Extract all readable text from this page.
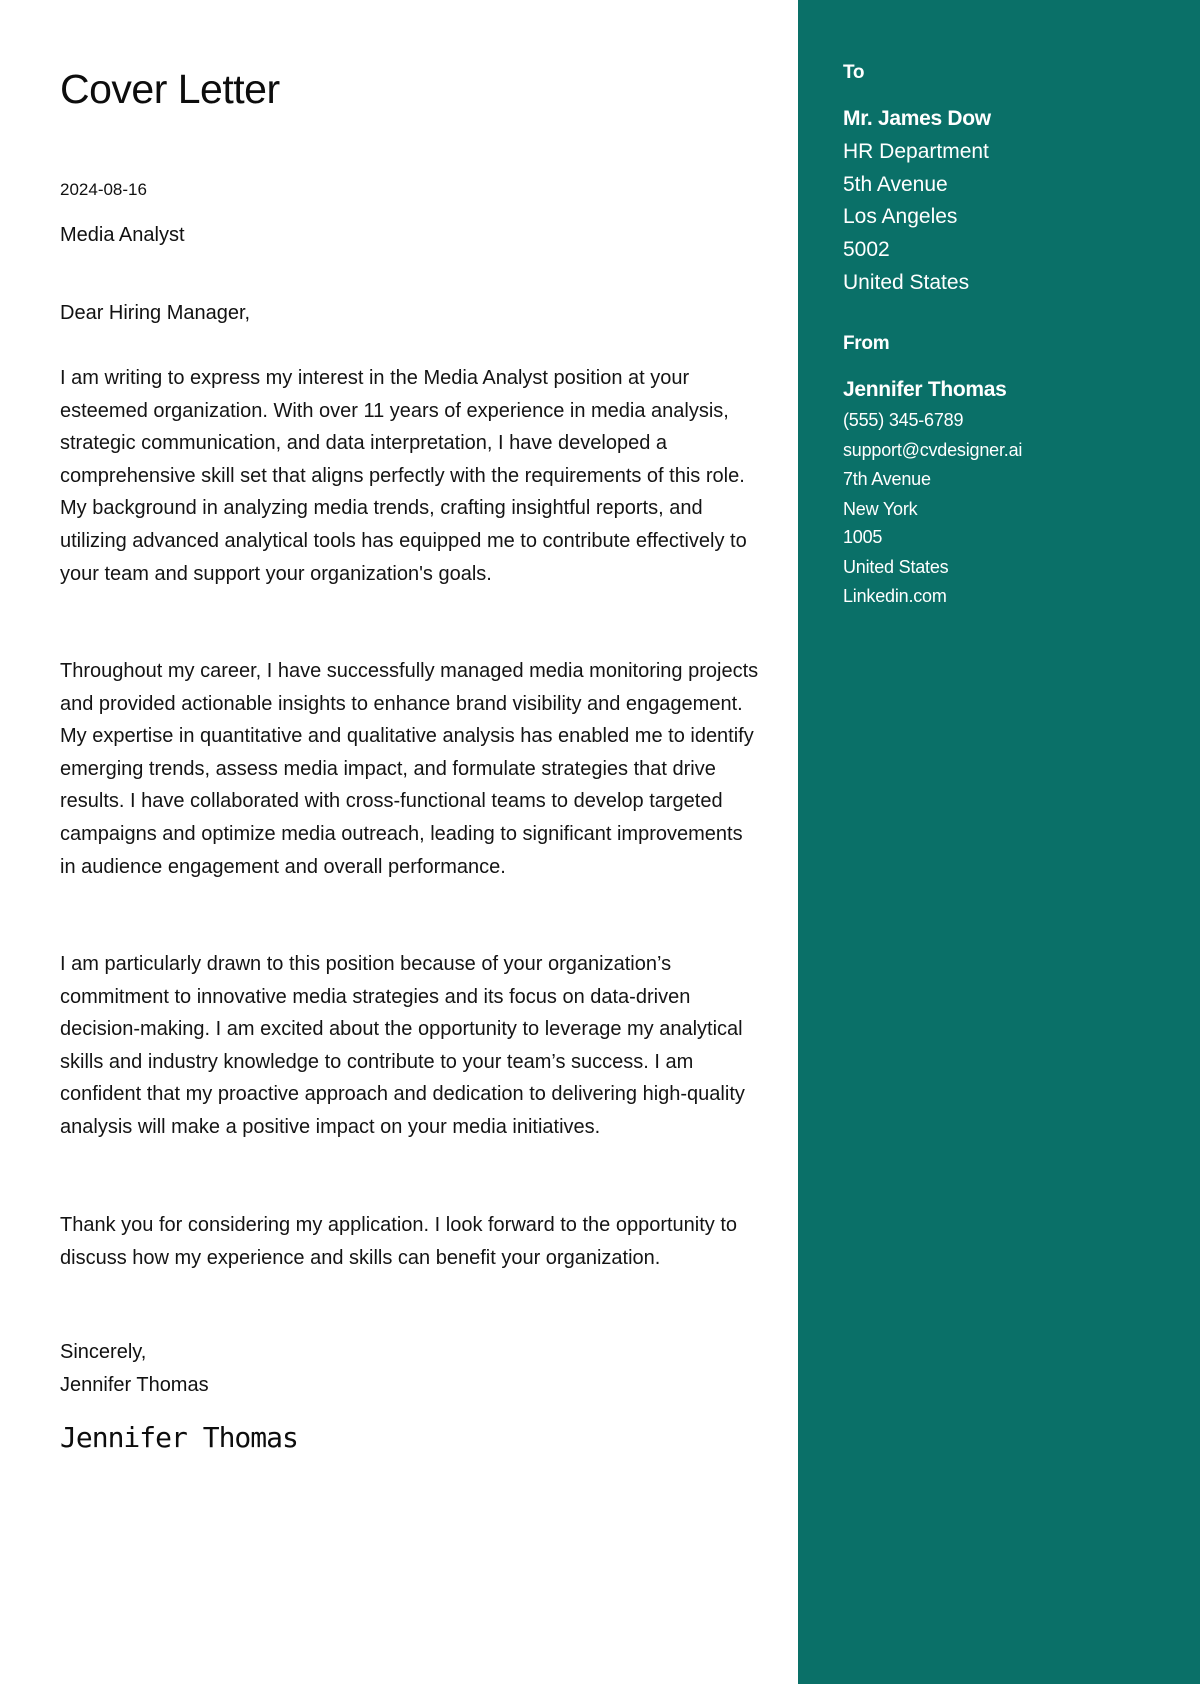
Cover Letter
2024-08-16
Media Analyst
Dear Hiring Manager,

I am writing to express my interest in the Media Analyst position at your esteemed organization. With over 11 years of experience in media analysis, strategic communication, and data interpretation, I have developed a comprehensive skill set that aligns perfectly with the requirements of this role. My background in analyzing media trends, crafting insightful reports, and utilizing advanced analytical tools has equipped me to contribute effectively to your team and support your organization's goals.

Throughout my career, I have successfully managed media monitoring projects and provided actionable insights to enhance brand visibility and engagement. My expertise in quantitative and qualitative analysis has enabled me to identify emerging trends, assess media impact, and formulate strategies that drive results. I have collaborated with cross-functional teams to develop targeted campaigns and optimize media outreach, leading to significant improvements in audience engagement and overall performance.

I am particularly drawn to this position because of your organization’s commitment to innovative media strategies and its focus on data-driven decision-making. I am excited about the opportunity to leverage my analytical skills and industry knowledge to contribute to your team’s success. I am confident that my proactive approach and dedication to delivering high-quality analysis will make a positive impact on your media initiatives.

Thank you for considering my application. I look forward to the opportunity to discuss how my experience and skills can benefit your organization.

Sincerely,
Jennifer Thomas
Jennifer Thomas
To
Mr. James Dow
HR Department
5th Avenue
Los Angeles
5002
United States
From
Jennifer Thomas
(555) 345-6789
support@cvdesigner.ai
7th Avenue
New York
1005
United States
Linkedin.com
